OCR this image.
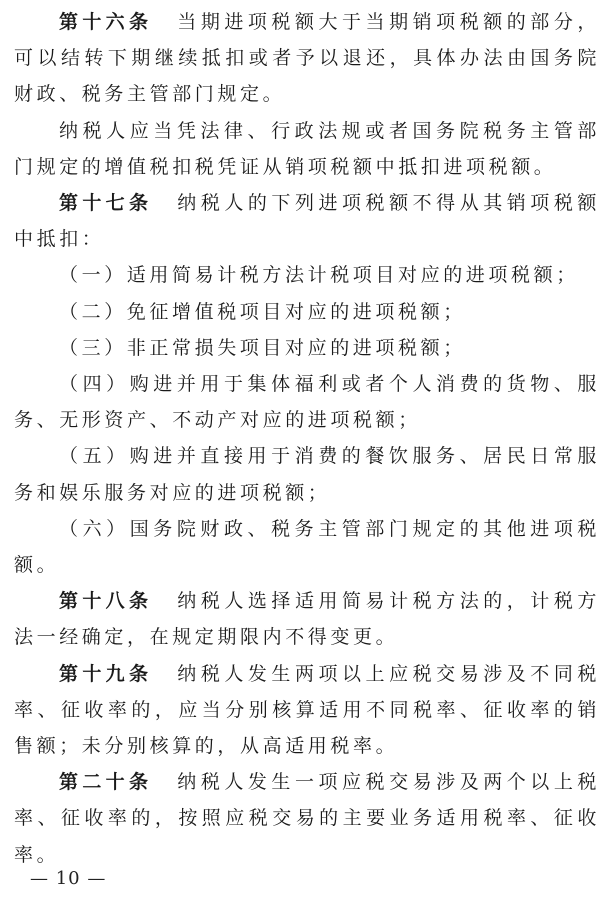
第十六条 当期进项税额大于当期销项税额的部分，可以结转下期继续抵扣或者予以退还，具体办法由国务院财政、税务主管部门规定。

纳税人应当凭法律、行政法规或者国务院税务主管部门规定的增值税扣税凭证从销项税额中抵扣进项税额。

第十七条 纳税人的下列进项税额不得从其销项税额中抵扣：

（一）适用简易计税方法计税项目对应的进项税额；

（二）免征增值税项目对应的进项税额；

（三）非正常损失项目对应的进项税额；

（四）购进并用于集体福利或者个人消费的货物、服务、无形资产、不动产对应的进项税额；

（五）购进并直接用于消费的餐饮服务、居民日常服务和娱乐服务对应的进项税额；

（六）国务院财政、税务主管部门规定的其他进项税额。

第十八条 纳税人选择适用简易计税方法的，计税方法一经确定，在规定期限内不得变更。

第十九条 纳税人发生两项以上应税交易涉及不同税率、征收率的，应当分别核算适用不同税率、征收率的销售额；未分别核算的，从高适用税率。

第二十条 纳税人发生一项应税交易涉及两个以上税率、征收率的，按照应税交易的主要业务适用税率、征收率。

— 10 —
